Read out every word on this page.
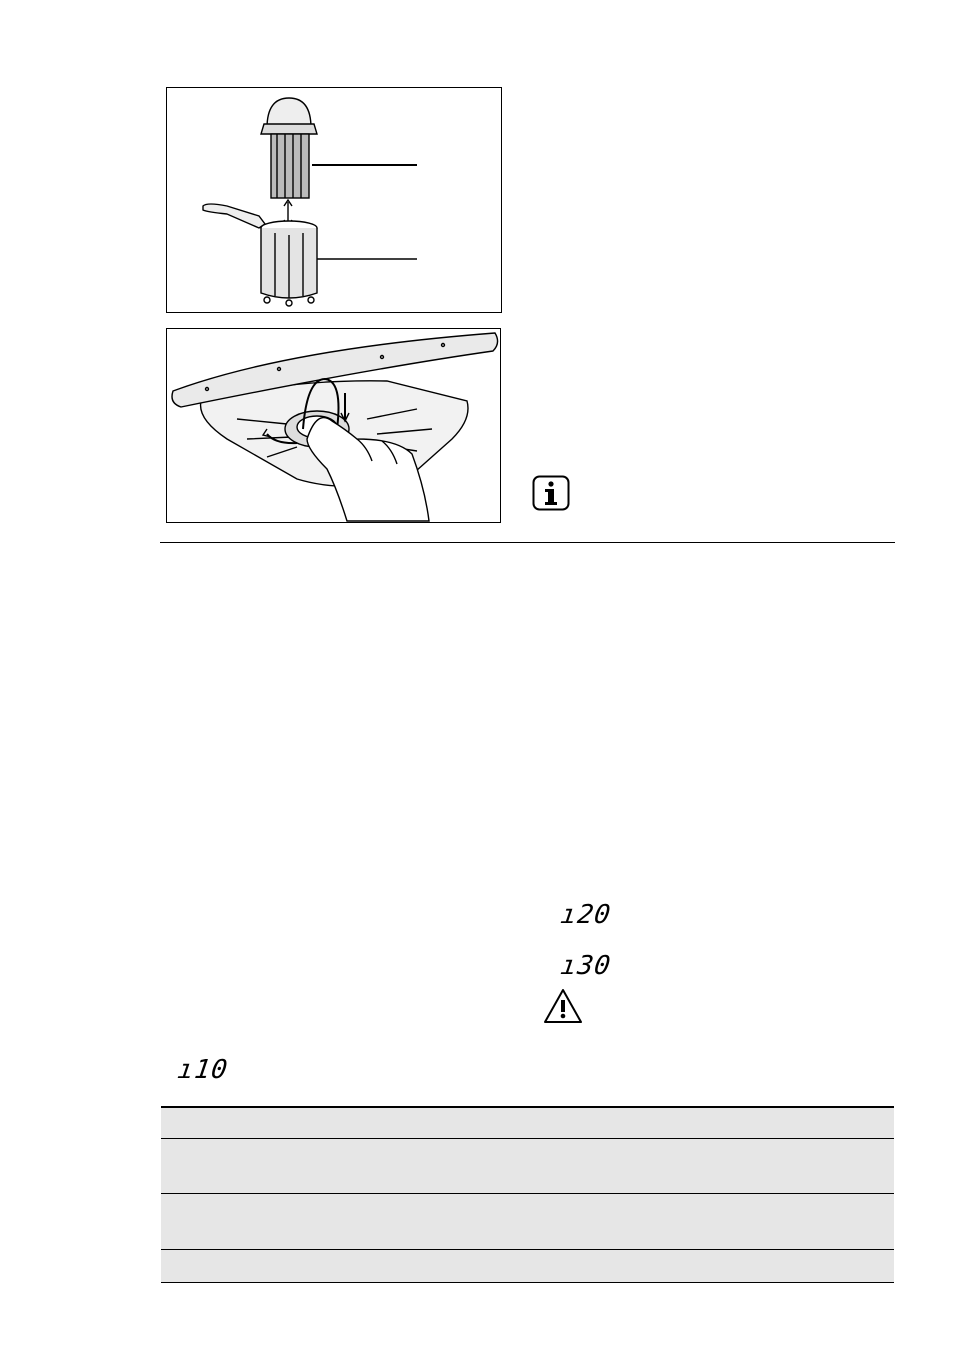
ı20
ı30
ı10
